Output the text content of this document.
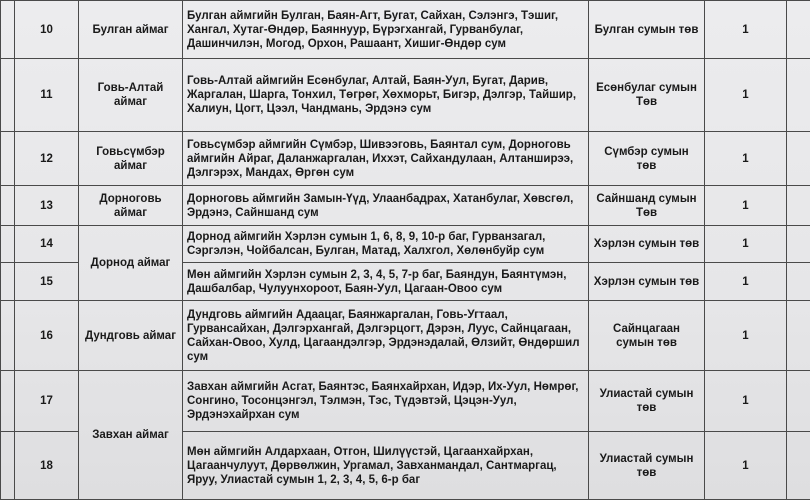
	10	Булган аймаг	Булган аймгийн Булган, Баян-Агт, Бугат, Сайхан, Сэлэнгэ, Тэшиг, Хангал, Хутаг-Өндөр, Баяннуур, Бүрэгхангай, Гурванбулаг, Дашинчилэн, Могод, Орхон, Рашаант, Хишиг-Өндөр сум	Булган сумын төв	1	
	11	Говь-Алтай аймаг	Говь-Алтай аймгийн Есөнбулаг, Алтай, Баян-Уул, Бугат, Дарив, Жаргалан, Шарга, Тонхил, Төгрөг, Хөхморьт, Бигэр, Дэлгэр, Тайшир, Халиун, Цогт, Цээл, Чандмань, Эрдэнэ сум	Есөнбулаг сумын Төв	1	
	12	Говьсүмбэр аймаг	Говьсүмбэр аймгийн Сүмбэр, Шивээговь, Баянтал сум, Дорноговь аймгийн Айраг, Даланжаргалан, Иххэт, Сайхандулаан, Алтанширээ, Дэлгэрэх, Мандах, Өргөн сум	Сүмбэр сумын төв	1	
	13	Дорноговь аймаг	Дорноговь аймгийн Замын-Үүд, Улаанбадрах, Хатанбулаг, Хөвсгөл, Эрдэнэ, Сайншанд сум	Сайншанд сумын Төв	1	
	14	Дорнод аймаг	Дорнод аймгийн Хэрлэн сумын 1, 6, 8, 9, 10-р баг, Гурванзагал, Сэргэлэн, Чойбалсан, Булган, Матад, Халхгол, Хөлөнбуйр сум	Хэрлэн сумын төв	1	
	15		Мөн аймгийн Хэрлэн сумын 2, 3, 4, 5, 7-р баг, Баяндун, Баянтүмэн, Дашбалбар, Чулуунхороот, Баян-Уул, Цагаан-Овоо сум	Хэрлэн сумын төв	1	
	16	Дундговь аймаг	Дундговь аймгийн Адаацаг, Баянжаргалан, Говь-Угтаал, Гурвансайхан, Дэлгэрхангай, Дэлгэрцогт, Дэрэн, Луус, Сайнцагаан, Сайхан-Овоо, Хулд, Цагаандэлгэр, Эрдэнэдалай, Өлзийт, Өндөршил сум	Сайнцагаан сумын төв	1	
	17	Завхан аймаг	Завхан аймгийн Асгат, Баянтэс, Баянхайрхан, Идэр, Их-Уул, Нөмрөг, Сонгино, Тосонцэнгэл, Тэлмэн, Тэс, Түдэвтэй, Цэцэн-Уул, Эрдэнэхайрхан сум	Улиастай сумын төв	1	
	18		Мөн аймгийн Алдархаан, Отгон, Шилүүстэй, Цагаанхайрхан, Цагаанчулуут, Дөрвөлжин, Ургамал, Завханмандал, Сантмаргац, Яруу, Улиастай сумын 1, 2, 3, 4, 5, 6-р баг	Улиастай сумын төв	1	
